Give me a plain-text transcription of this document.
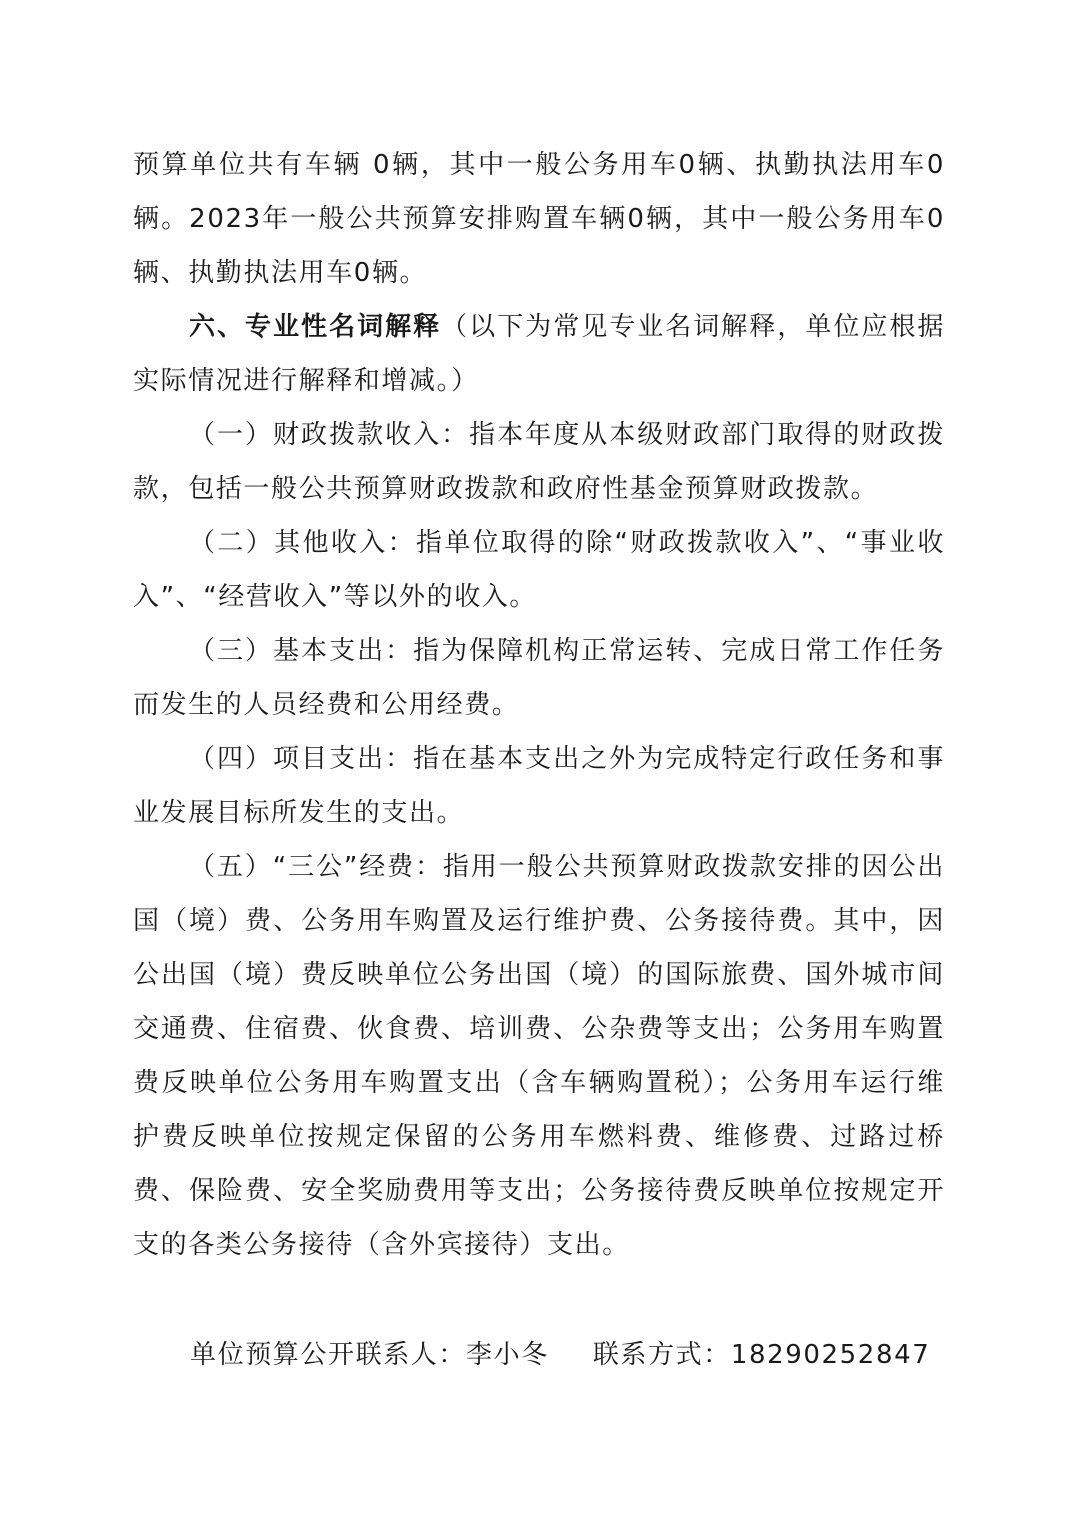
预算单位共有车辆 0辆，其中一般公务用车0辆、执勤执法用车0辆。2023年一般公共预算安排购置车辆0辆，其中一般公务用车0辆、执勤执法用车0辆。

六、专业性名词解释（以下为常见专业名词解释，单位应根据实际情况进行解释和增减。）

（一）财政拨款收入：指本年度从本级财政部门取得的财政拨款，包括一般公共预算财政拨款和政府性基金预算财政拨款。

（二）其他收入：指单位取得的除“财政拨款收入”、“事业收入”、“经营收入”等以外的收入。

（三）基本支出：指为保障机构正常运转、完成日常工作任务而发生的人员经费和公用经费。

（四）项目支出：指在基本支出之外为完成特定行政任务和事业发展目标所发生的支出。

（五）“三公”经费：指用一般公共预算财政拨款安排的因公出国（境）费、公务用车购置及运行维护费、公务接待费。其中，因公出国（境）费反映单位公务出国（境）的国际旅费、国外城市间交通费、住宿费、伙食费、培训费、公杂费等支出；公务用车购置费反映单位公务用车购置支出（含车辆购置税）；公务用车运行维护费反映单位按规定保留的公务用车燃料费、维修费、过路过桥费、保险费、安全奖励费用等支出；公务接待费反映单位按规定开支的各类公务接待（含外宾接待）支出。

单位预算公开联系人：李小冬 联系方式：18290252847
